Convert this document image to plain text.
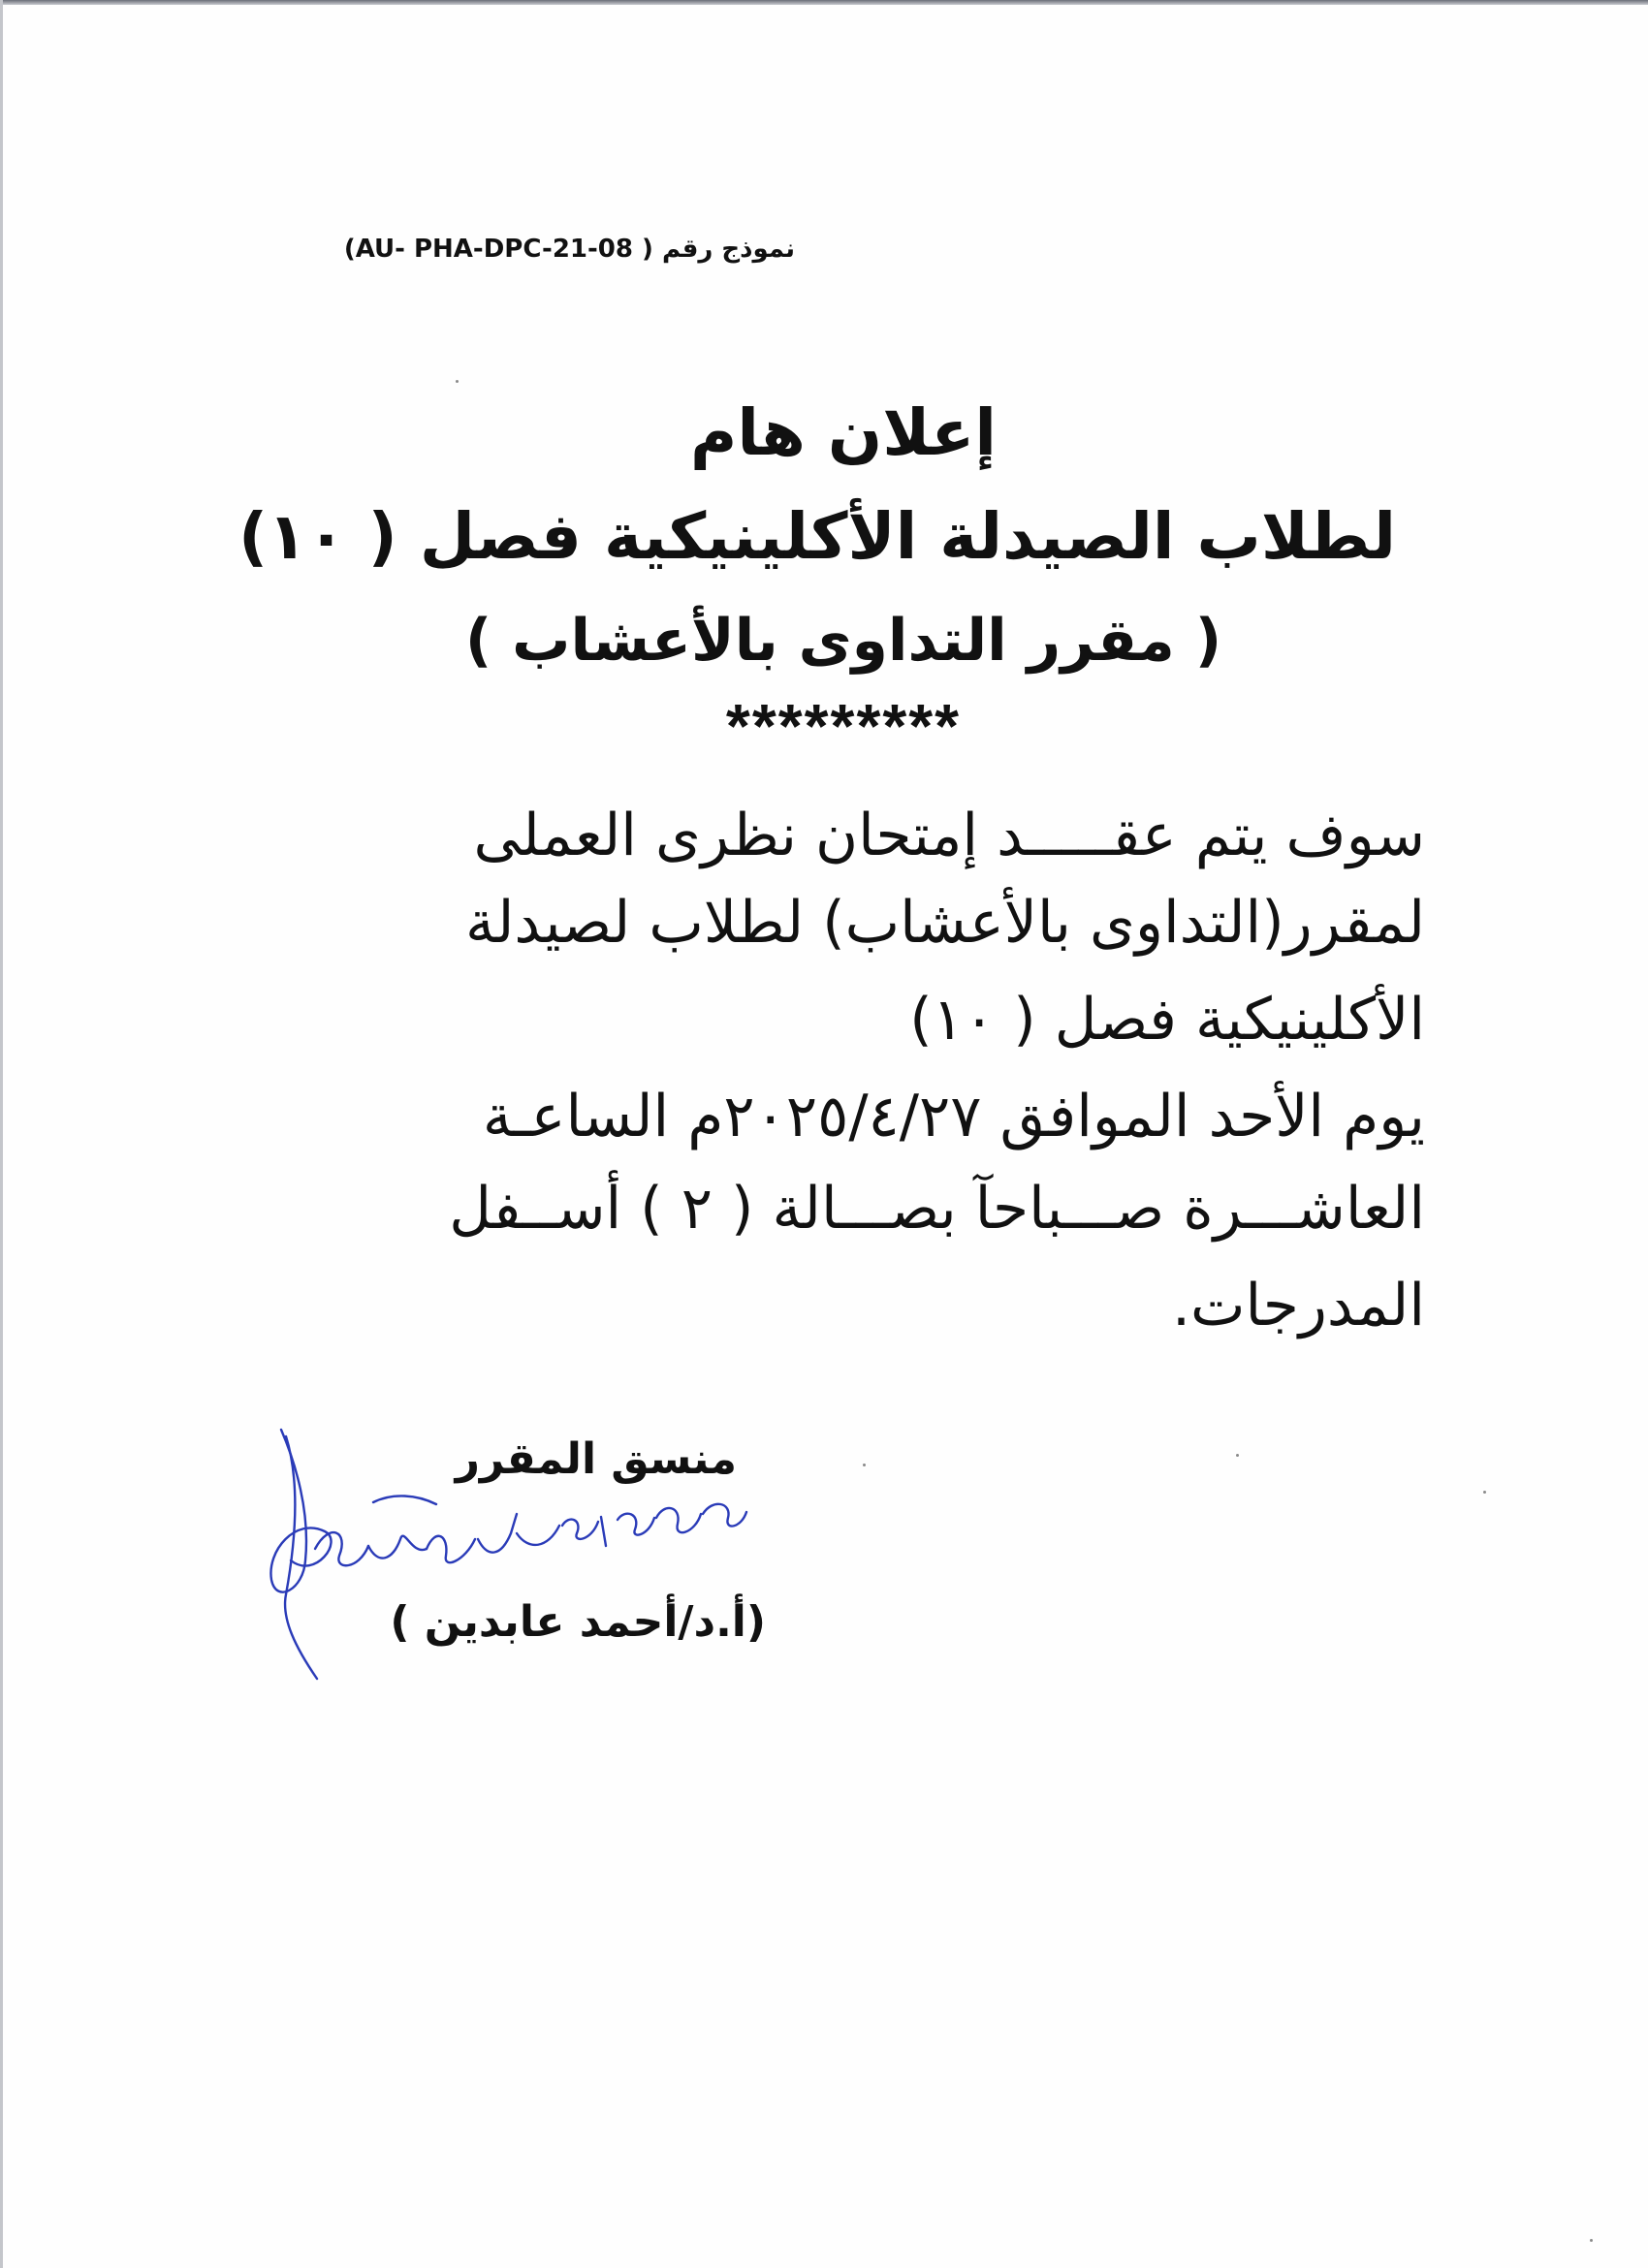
نموذج رقم ( AU- PHA-DPC-21-08)
إعلان هام
لطلاب الصيدلة الأكلينيكية فصل ( ١٠)
( مقرر التداوى بالأعشاب )
*********
سوف يتم عقـــــد إمتحان نظرى العملى
لمقرر(التداوى بالأعشاب) لطلاب لصيدلة
الأكلينيكية فصل ( ١٠)
يوم الأحد الموافق ٢٠٢٥/٤/٢٧م الساعـة
العاشـــرة صـــباحآ بصـــالة ( ٢ ) أســفل
المدرجات.
منسق المقرر
(أ.د/أحمد عابدين )
